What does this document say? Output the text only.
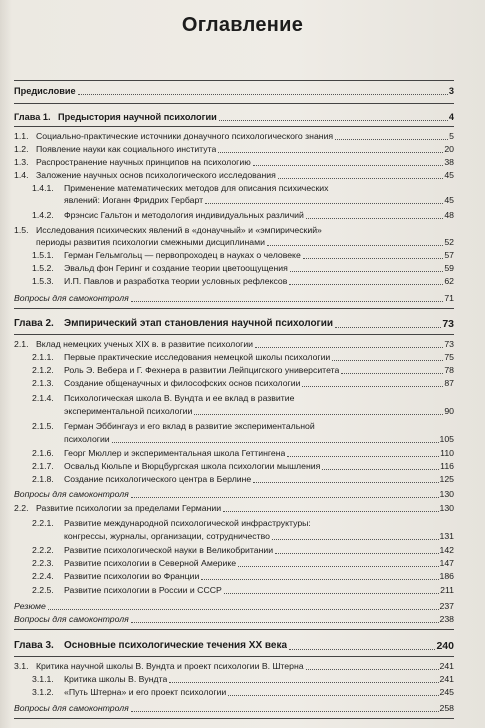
Оглавление
Предисловие	3
Глава 1. Предыстория научной психологии	4
1.1. Социально-практические источники донаучного психологического знания	5
1.2. Появление науки как социального института	20
1.3. Распространение научных принципов на психологию	38
1.4. Заложение научных основ психологического исследования	45
1.4.1. Применение математических методов для описания психических
явлений: Иоганн Фридрих Гербарт	45
1.4.2.	Фрэнсис Гальтон и методология индивидуальных различий	48
1.5. Исследования психических явлений в «донаучный» и «эмпирический»
периоды развития психологии смежными дисциплинами	52
1.5.1.	Герман Гельмгольц — первопроходец в науках о человеке	57
1.5.2.	Эвальд фон Геринг и создание теории цветоощущения	59
1.5.3.	И.П. Павлов и разработка теории условных рефлексов	62
Вопросы для самоконтроля	71
Глава 2.	Эмпирический этап становления научной психологии	73
2.1. Вклад немецких ученых XIX в. в развитие психологии	73
2.1.1.	Первые практические исследования немецкой школы психологии	75
2.1.2.	Роль Э. Вебера и Г. Фехнера в развитии Лейпцигского университета	78
2.1.3.	Создание общенаучных и философских основ психологии	87
2.1.4. Психологическая школа В. Вундта и ее вклад в развитие
экспериментальной психологии	90
2.1.5. Герман Эббингауз и его вклад в развитие экспериментальной
психологии	105
2.1.6.	Георг Мюллер и экспериментальная школа Геттингена	110
2.1.7.	Освальд Кюльпе и Вюрцбургская школа психологии мышления	116
2.1.8.	Создание психологического центра в Берлине	125
Вопросы для самоконтроля	130
2.2. Развитие психологии за пределами Германии	130
2.2.1. Развитие международной психологической инфраструктуры:
конгрессы, журналы, организации, сотрудничество	131
2.2.2.	Развитие психологической науки в Великобритании	142
2.2.3.	Развитие психологии в Северной Америке	147
2.2.4.	Развитие психологии во Франции	186
2.2.5.	Развитие психологии в России и СССР	211
Резюме	237
Вопросы для самоконтроля	238
Глава 3.	Основные психологические течения XX века	240
3.1. Критика научной школы В. Вундта и проект психологии В. Штерна	241
3.1.1.	Критика школы В. Вундта	241
3.1.2.	«Путь Штерна» и его проект психологии	245
Вопросы для самоконтроля	258
